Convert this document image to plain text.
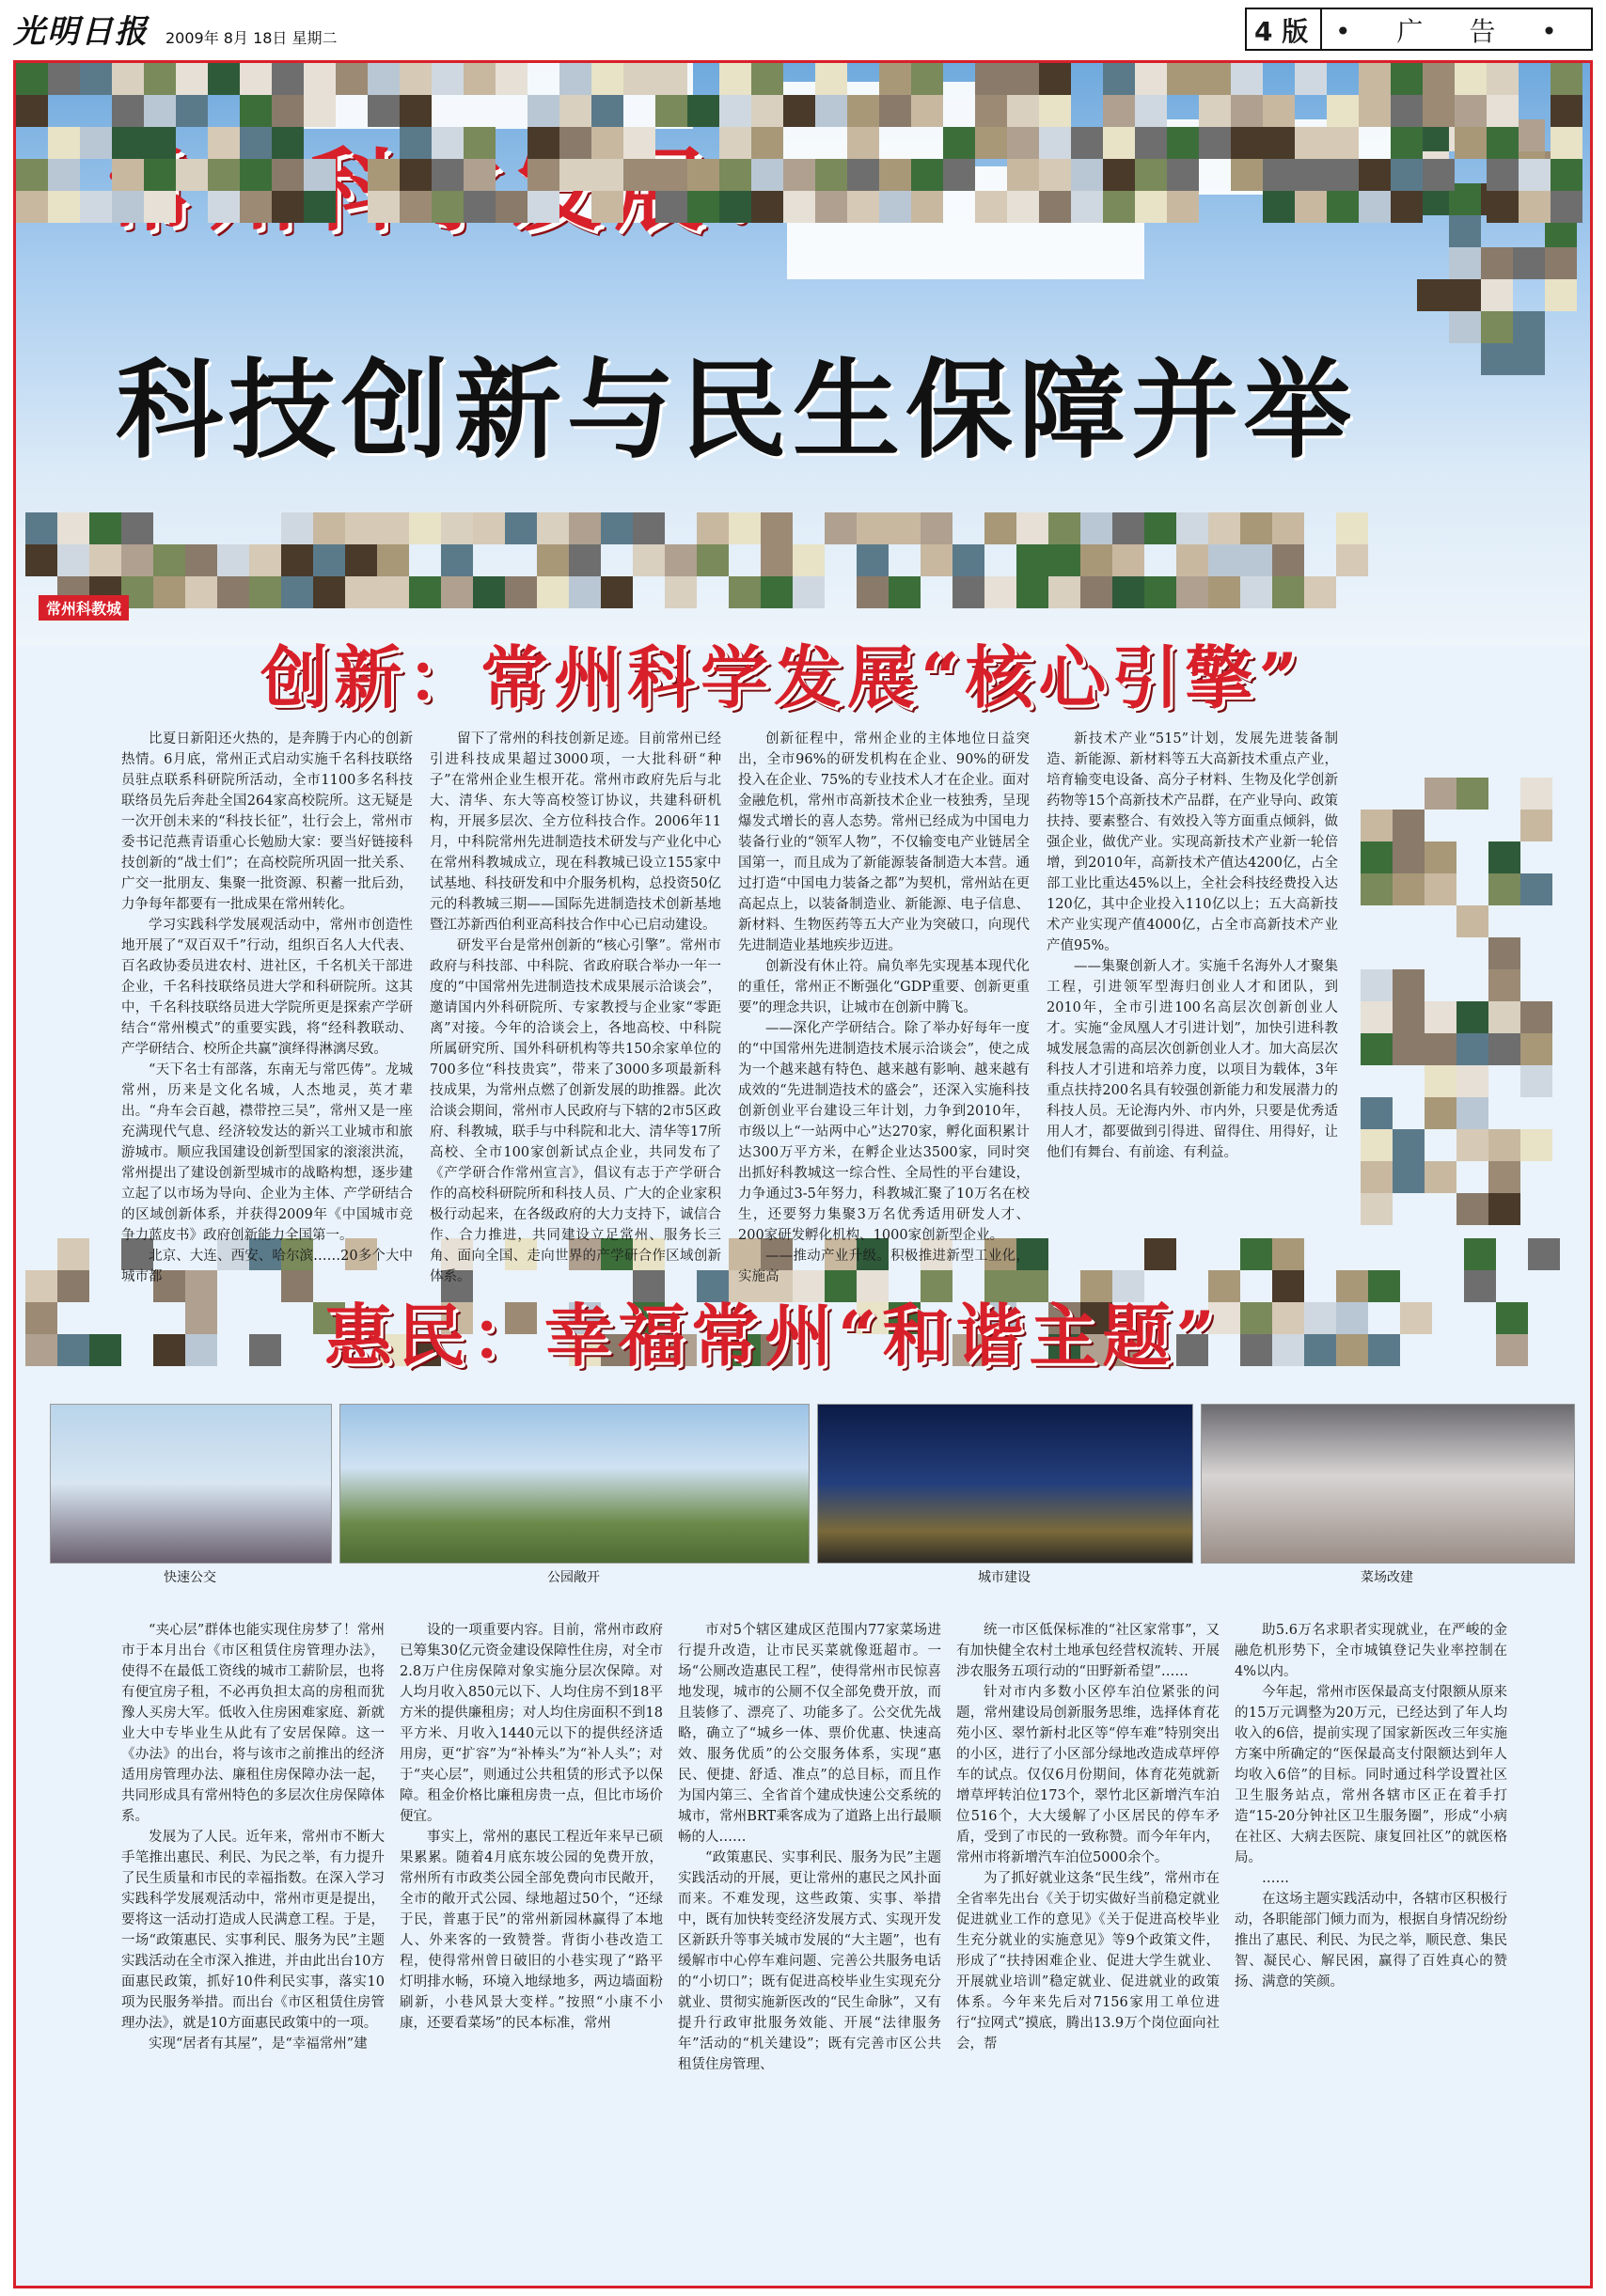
光明日报 2009年 8月 18日 星期二	4 版 • 广 告 •
科技创新与民生保障并举
常州科教城
创新：常州科学发展“核心引擎”

比夏日新阳还火热的，是奔腾于内心的创新热情。6月底，常州正式启动实施千名科技联络员驻点联系科研院所活动，全市1100多名科技联络员先后奔赴全国264家高校院所。这无疑是一次开创未来的“科技长征”，壮行会上，常州市委书记范燕青语重心长勉励大家：要当好链接科技创新的“战士们”；在高校院所巩固一批关系、广交一批朋友、集聚一批资源、积蓄一批后劲，力争每年都要有一批成果在常州转化。

学习实践科学发展观活动中，常州市创造性地开展了“双百双千”行动，组织百名人大代表、百名政协委员进农村、进社区，千名机关干部进企业，千名科技联络员进大学和科研院所。这其中，千名科技联络员进大学院所更是探索产学研结合“常州模式”的重要实践，将“经科教联动、产学研结合、校所企共赢”演绎得淋漓尽致。

“天下名士有部落，东南无与常匹俦”。龙城常州，历来是文化名城，人杰地灵，英才辈出。“舟车会百越，襟带控三吴”，常州又是一座充满现代气息、经济较发达的新兴工业城市和旅游城市。顺应我国建设创新型国家的滚滚洪流，常州提出了建设创新型城市的战略构想，逐步建立起了以市场为导向、企业为主体、产学研结合的区域创新体系，并获得2009年《中国城市竞争力蓝皮书》政府创新能力全国第一。

北京、大连、西安、哈尔滨……20多个大中城市都

留下了常州的科技创新足迹。目前常州已经引进科技成果超过3000项，一大批科研“种子”在常州企业生根开花。常州市政府先后与北大、清华、东大等高校签订协议，共建科研机构，开展多层次、全方位科技合作。2006年11月，中科院常州先进制造技术研发与产业化中心在常州科教城成立，现在科教城已设立155家中试基地、科技研发和中介服务机构，总投资50亿元的科教城三期——国际先进制造技术创新基地暨江苏新西伯利亚高科技合作中心已启动建设。

研发平台是常州创新的“核心引擎”。常州市政府与科技部、中科院、省政府联合举办一年一度的“中国常州先进制造技术成果展示洽谈会”，邀请国内外科研院所、专家教授与企业家“零距离”对接。今年的洽谈会上，各地高校、中科院所属研究所、国外科研机构等共150余家单位的700多位“科技贵宾”，带来了3000多项最新科技成果，为常州点燃了创新发展的助推器。此次洽谈会期间，常州市人民政府与下辖的2市5区政府、科教城，联手与中科院和北大、清华等17所高校、全市100家创新试点企业，共同发布了《产学研合作常州宣言》，倡议有志于产学研合作的高校科研院所和科技人员、广大的企业家积极行动起来，在各级政府的大力支持下，诚信合作、合力推进，共同建设立足常州、服务长三角、面向全国、走向世界的产学研合作区域创新体系。

创新征程中，常州企业的主体地位日益突出，全市96%的研发机构在企业、90%的研发投入在企业、75%的专业技术人才在企业。面对金融危机，常州市高新技术企业一枝独秀，呈现爆发式增长的喜人态势。常州已经成为中国电力装备行业的“领军人物”，不仅输变电产业链居全国第一，而且成为了新能源装备制造大本营。通过打造“中国电力装备之都”为契机，常州站在更高起点上，以装备制造业、新能源、电子信息、新材料、生物医药等五大产业为突破口，向现代先进制造业基地疾步迈进。

创新没有休止符。扁负率先实现基本现代化的重任，常州正不断强化“GDP重要、创新更重要”的理念共识，让城市在创新中腾飞。

——深化产学研结合。除了举办好每年一度的“中国常州先进制造技术展示洽谈会”，使之成为一个越来越有特色、越来越有影响、越来越有成效的“先进制造技术的盛会”，还深入实施科技创新创业平台建设三年计划，力争到2010年，市级以上“一站两中心”达270家，孵化面积累计达300万平方米，在孵企业达3500家，同时突出抓好科教城这一综合性、全局性的平台建设，力争通过3-5年努力，科教城汇聚了10万名在校生，还要努力集聚3万名优秀适用研发人才、200家研发孵化机构、1000家创新型企业。

——推动产业升级。积极推进新型工业化，实施高

新技术产业“515”计划，发展先进装备制造、新能源、新材料等五大高新技术重点产业，培育输变电设备、高分子材料、生物及化学创新药物等15个高新技术产品群，在产业导向、政策扶持、要素整合、有效投入等方面重点倾斜，做强企业，做优产业。实现高新技术产业新一轮倍增，到2010年，高新技术产值达4200亿，占全部工业比重达45%以上，全社会科技经费投入达120亿，其中企业投入110亿以上；五大高新技术产业实现产值4000亿，占全市高新技术产业产值95%。

——集聚创新人才。实施千名海外人才聚集工程，引进领军型海归创业人才和团队，到2010年，全市引进100名高层次创新创业人才。实施“金凤凰人才引进计划”，加快引进科教城发展急需的高层次创新创业人才。加大高层次科技人才引进和培养力度，以项目为载体，3年重点扶持200名具有较强创新能力和发展潜力的科技人员。无论海内外、市内外，只要是优秀适用人才，都要做到引得进、留得住、用得好，让他们有舞台、有前途、有利益。

惠民：幸福常州“和谐主题”
快速公交	公园敞开	城市建设	菜场改建

“夹心层”群体也能实现住房梦了！常州市于本月出台《市区租赁住房管理办法》，使得不在最低工资线的城市工薪阶层，也将有便宜房子租，不必再负担太高的房租而犹豫人买房大军。低收入住房困难家庭、新就业大中专毕业生从此有了安居保障。这一《办法》的出台，将与该市之前推出的经济适用房管理办法、廉租住房保障办法一起，共同形成具有常州特色的多层次住房保障体系。

发展为了人民。近年来，常州市不断大手笔推出惠民、利民、为民之举，有力提升了民生质量和市民的幸福指数。在深入学习实践科学发展观活动中，常州市更是提出，要将这一活动打造成人民满意工程。于是，一场“政策惠民、实事利民、服务为民”主题实践活动在全市深入推进，并由此出台10方面惠民政策，抓好10件利民实事，落实10项为民服务举措。而出台《市区租赁住房管理办法》，就是10方面惠民政策中的一项。

实现“居者有其屋”，是“幸福常州”建

设的一项重要内容。目前，常州市政府已筹集30亿元资金建设保障性住房，对全市2.8万户住房保障对象实施分层次保障。对人均月收入850元以下、人均住房不到18平方米的提供廉租房；对人均住房面积不到18平方米、月收入1440元以下的提供经济适用房，更“扩容”为“补棒头”为“补人头”；对于“夹心层”，则通过公共租赁的形式予以保障。租金价格比廉租房贵一点，但比市场价便宜。

事实上，常州的惠民工程近年来早已硕果累累。随着4月底东坡公园的免费开放，常州所有市政类公园全部免费向市民敞开，全市的敞开式公园、绿地超过50个，“还绿于民，普惠于民”的常州新园林赢得了本地人、外来客的一致赞誉。背街小巷改造工程，使得常州曾日破旧的小巷实现了“路平灯明排水畅，环境入地绿地多，两边墙面粉刷新，小巷风景大变样。”按照“小康不小康，还要看菜场”的民本标准，常州

市对5个辖区建成区范围内77家菜场进行提升改造，让市民买菜就像逛超市。一场“公厕改造惠民工程”，使得常州市民惊喜地发现，城市的公厕不仅全部免费开放，而且装修了、漂亮了、功能多了。公交优先战略，确立了“城乡一体、票价优惠、快速高效、服务优质”的公交服务体系，实现“惠民、便捷、舒适、准点”的总目标，而且作为国内第三、全省首个建成快速公交系统的城市，常州BRT乘客成为了道路上出行最顺畅的人……

“政策惠民、实事利民、服务为民”主题实践活动的开展，更让常州的惠民之风扑面而来。不难发现，这些政策、实事、举措中，既有加快转变经济发展方式、实现开发区新跃升等事关城市发展的“大主题”，也有缓解市中心停车难问题、完善公共服务电话的“小切口”；既有促进高校毕业生实现充分就业、贯彻实施新医改的“民生命脉”，又有提升行政审批服务效能、开展“法律服务年”活动的“机关建设”；既有完善市区公共租赁住房管理、

统一市区低保标准的“社区家常事”，又有加快健全农村土地承包经营权流转、开展涉农服务五项行动的“田野新希望”……

针对市内多数小区停车泊位紧张的问题，常州建设局创新服务思维，选择体育花苑小区、翠竹新村北区等“停车难”特别突出的小区，进行了小区部分绿地改造成草坪停车的试点。仅仅6月份期间，体育花苑就新增草坪转泊位173个，翠竹北区新增汽车泊位516个，大大缓解了小区居民的停车矛盾，受到了市民的一致称赞。而今年年内，常州市将新增汽车泊位5000余个。

为了抓好就业这条“民生线”，常州市在全省率先出台《关于切实做好当前稳定就业促进就业工作的意见》《关于促进高校毕业生充分就业的实施意见》等9个政策文件，形成了“扶持困难企业、促进大学生就业、开展就业培训”稳定就业、促进就业的政策体系。今年来先后对7156家用工单位进行“拉网式”摸底，腾出13.9万个岗位面向社会，帮

助5.6万名求职者实现就业，在严峻的金融危机形势下，全市城镇登记失业率控制在4%以内。

今年起，常州市医保最高支付限额从原来的15万元调整为20万元，已经达到了年人均收入的6倍，提前实现了国家新医改三年实施方案中所确定的“医保最高支付限额达到年人均收入6倍”的目标。同时通过科学设置社区卫生服务站点，常州各辖市区正在着手打造“15-20分钟社区卫生服务圈”，形成“小病在社区、大病去医院、康复回社区”的就医格局。

……

在这场主题实践活动中，各辖市区积极行动，各职能部门倾力而为，根据自身情况纷纷推出了惠民、利民、为民之举，顺民意、集民智、凝民心、解民困，赢得了百姓真心的赞扬、满意的笑颜。
